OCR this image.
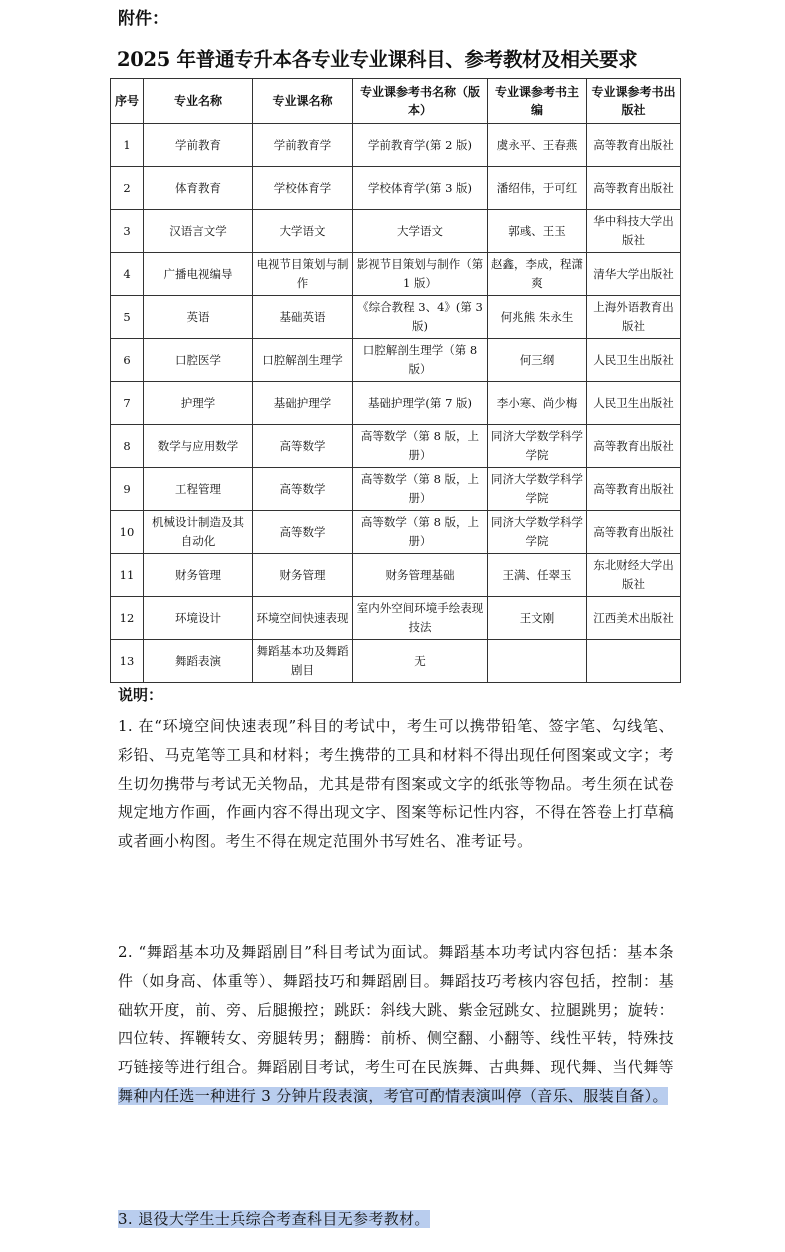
附件：
2025 年普通专升本各专业专业课科目、参考教材及相关要求
序号	专业名称	专业课名称	专业课参考书名称（版本）	专业课参考书主编	专业课参考书出版社
1	学前教育	学前教育学	学前教育学(第 2 版)	虞永平、王春燕	高等教育出版社
2	体育教育	学校体育学	学校体育学(第 3 版)	潘绍伟，于可红	高等教育出版社
3	汉语言文学	大学语文	大学语文	郭彧、王玉	华中科技大学出版社
4	广播电视编导	电视节目策划与制作	影视节目策划与制作（第 1 版）	赵鑫，李成，程潇爽	清华大学出版社
5	英语	基础英语	《综合教程 3、4》(第 3 版)	何兆熊 朱永生	上海外语教育出版社
6	口腔医学	口腔解剖生理学	口腔解剖生理学（第 8 版）	何三纲	人民卫生出版社
7	护理学	基础护理学	基础护理学(第 7 版)	李小寒、尚少梅	人民卫生出版社
8	数学与应用数学	高等数学	高等数学（第 8 版，上册）	同济大学数学科学学院	高等教育出版社
9	工程管理	高等数学	高等数学（第 8 版，上册）	同济大学数学科学学院	高等教育出版社
10	机械设计制造及其自动化	高等数学	高等数学（第 8 版，上册）	同济大学数学科学学院	高等教育出版社
11	财务管理	财务管理	财务管理基础	王满、任翠玉	东北财经大学出版社
12	环境设计	环境空间快速表现	室内外空间环境手绘表现技法	王文刚	江西美术出版社
13	舞蹈表演	舞蹈基本功及舞蹈剧目	无		
说明：
1. 在“环境空间快速表现”科目的考试中，考生可以携带铅笔、签字笔、勾线笔、彩铅、马克笔等工具和材料；考生携带的工具和材料不得出现任何图案或文字；考生切勿携带与考试无关物品，尤其是带有图案或文字的纸张等物品。考生须在试卷规定地方作画，作画内容不得出现文字、图案等标记性内容，不得在答卷上打草稿或者画小构图。考生不得在规定范围外书写姓名、准考证号。
2. “舞蹈基本功及舞蹈剧目”科目考试为面试。舞蹈基本功考试内容包括：基本条件（如身高、体重等）、舞蹈技巧和舞蹈剧目。舞蹈技巧考核内容包括，控制：基础软开度，前、旁、后腿搬控；跳跃：斜线大跳、紫金冠跳女、拉腿跳男；旋转：四位转、挥鞭转女、旁腿转男；翻腾：前桥、侧空翻、小翻等、线性平转，特殊技巧链接等进行组合。舞蹈剧目考试，考生可在民族舞、古典舞、现代舞、当代舞等舞种内任选一种进行 3 分钟片段表演，考官可酌情表演叫停（音乐、服装自备）。
3. 退役大学生士兵综合考查科目无参考教材。
